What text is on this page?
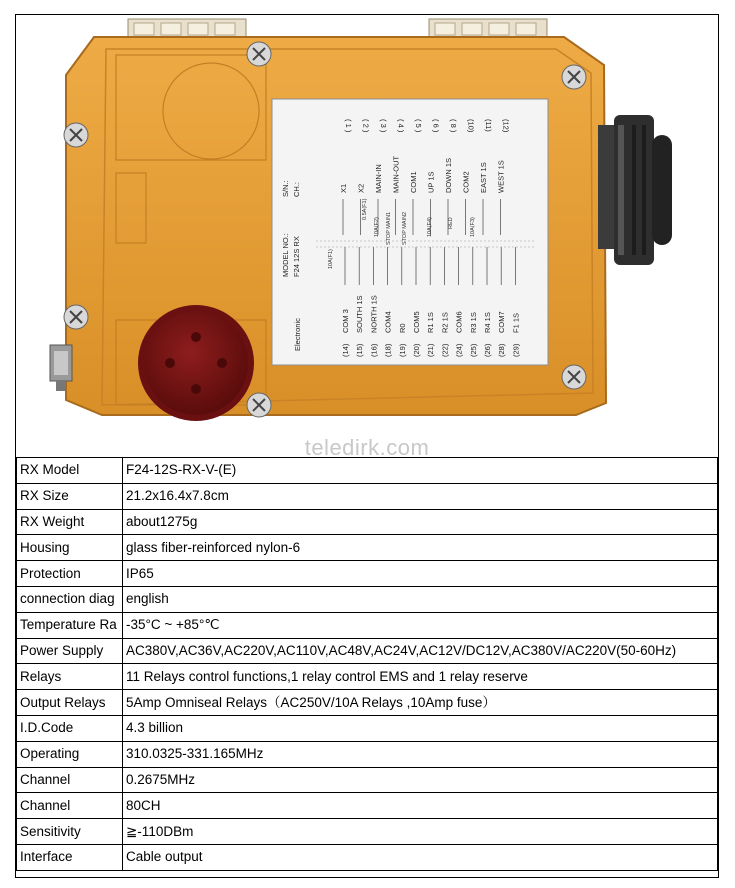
MODEL NO.: F24 12S RX
S/N.: CH.:
Electronic
( 1 )
X1
( 2 )
X2
( 3 )
MAIN-IN
( 4 )
MAIN-OUT
( 5 )
COM1
( 6 )
UP 1S
( 8 )
DOWN 1S
(10)
COM2
(11)
EAST 1S
(12)
WEST 1S
(14)
COM 3
(15)
SOUTH 1S
(16)
NORTH 1S
(18)
COM4
(19)
R0
(20)
COM5
(21)
R1 1S
(22)
R2 1S
(24)
COM6
(25)
R3 1S
(26)
R4 1S
(28)
COM7
(29)
F1 1S
10A(F1)
STOP MAIN1 STOP MAIN2
0.5A(F1)
10A(F2)	RED	10A(F3)
10A(F4)
teledirk.com
RX Model	F24-12S-RX-V-(E)
RX Size	21.2x16.4x7.8cm
RX Weight	about1275g
Housing	glass fiber-reinforced nylon-6
Protection	IP65
connection diag	english
Temperature Ra	-35°C ~ +85°℃
Power Supply	AC380V,AC36V,AC220V,AC110V,AC48V,AC24V,AC12V/DC12V,AC380V/AC220V(50-60Hz)
Relays	11 Relays control functions,1 relay control EMS and 1 relay reserve
Output Relays	5Amp Omniseal Relays（AC250V/10A Relays ,10Amp fuse）
I.D.Code	4.3 billion
Operating	310.0325-331.165MHz
Channel	0.2675MHz
Channel	80CH
Sensitivity	≧-110DBm
Interface	Cable output
